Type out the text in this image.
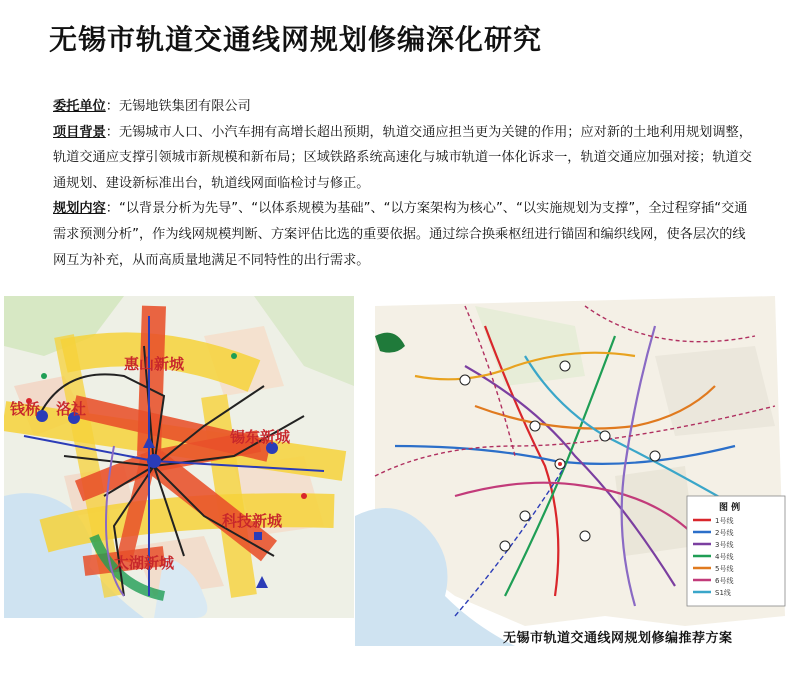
无锡市轨道交通线网规划修编深化研究

委托单位：无锡地铁集团有限公司

项目背景：无锡城市人口、小汽车拥有高增长超出预期，轨道交通应担当更为关键的作用；应对新的土地利用规划调整，轨道交通应支撑引领城市新规模和新布局；区域铁路系统高速化与城市轨道一体化诉求一，轨道交通应加强对接；轨道交通规划、建设新标准出台，轨道线网面临检讨与修正。

规划内容：“以背景分析为先导”、“以体系规模为基础”、“以方案架构为核心”、“以实施规划为支撑”，全过程穿插“交通需求预测分析”，作为线网规模判断、方案评估比选的重要依据。通过综合换乘枢纽进行锚固和编织线网，使各层次的线网互为补充，从而高质量地满足不同特性的出行需求。

惠山新城
钱桥 洛社
锡东新城
科技新城
太湖新城
图 例
1号线
2号线
3号线
4号线
5号线
6号线
S1线
无锡市轨道交通线网规划修编推荐方案
